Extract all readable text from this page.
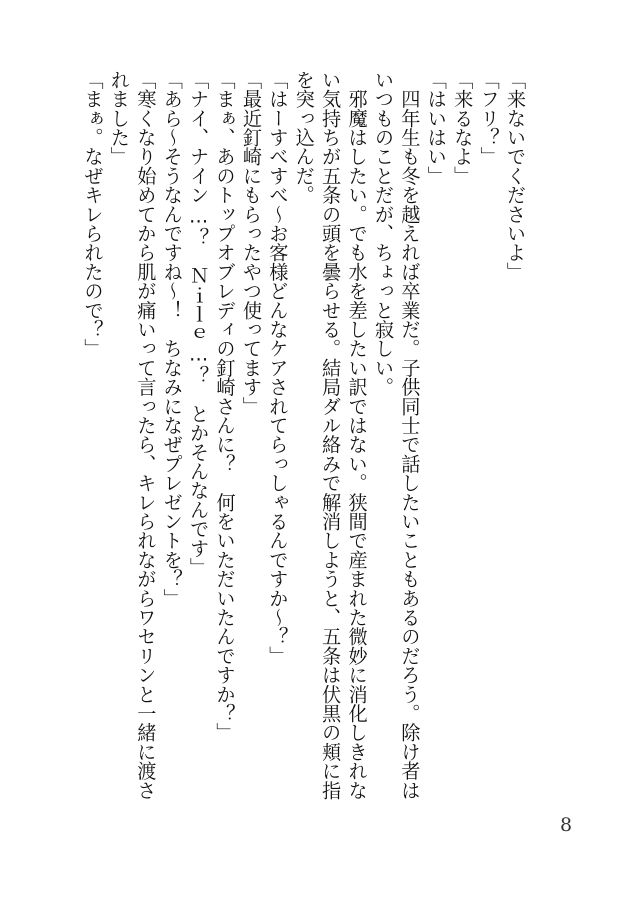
「来ないでくださいよ」

「フリ？」

「来るなよ」

「はいはい」

　四年生も冬を越えれば卒業だ。子供同士で話したいこともあるのだろう。除け者は

いつものことだが、ちょっと寂しい。

　邪魔はしたい。でも水を差したい訳ではない。狭間で産まれた微妙に消化しきれな

い気持ちが五条の頭を曇らせる。結局ダル絡みで解消しようと、五条は伏黒の頬に指

を突っ込んだ。

「はーすべすべ～お客様どんなケアされてらっしゃるんですか～？」

「最近釘崎にもらったやつ使ってます」

「まぁ、あのトップオブレディの釘崎さんに？　何をいただいたんですか？」

「ナイ、ナイン…？　Ｎｉｌｅ…？　とかそんなんです」

「あら～そうなんですね～！　ちなみになぜプレゼントを？」

「寒くなり始めてから肌が痛いって言ったら、キレられながらワセリンと一緒に渡さ

れました」

「まぁ。なぜキレられたので？」

8
